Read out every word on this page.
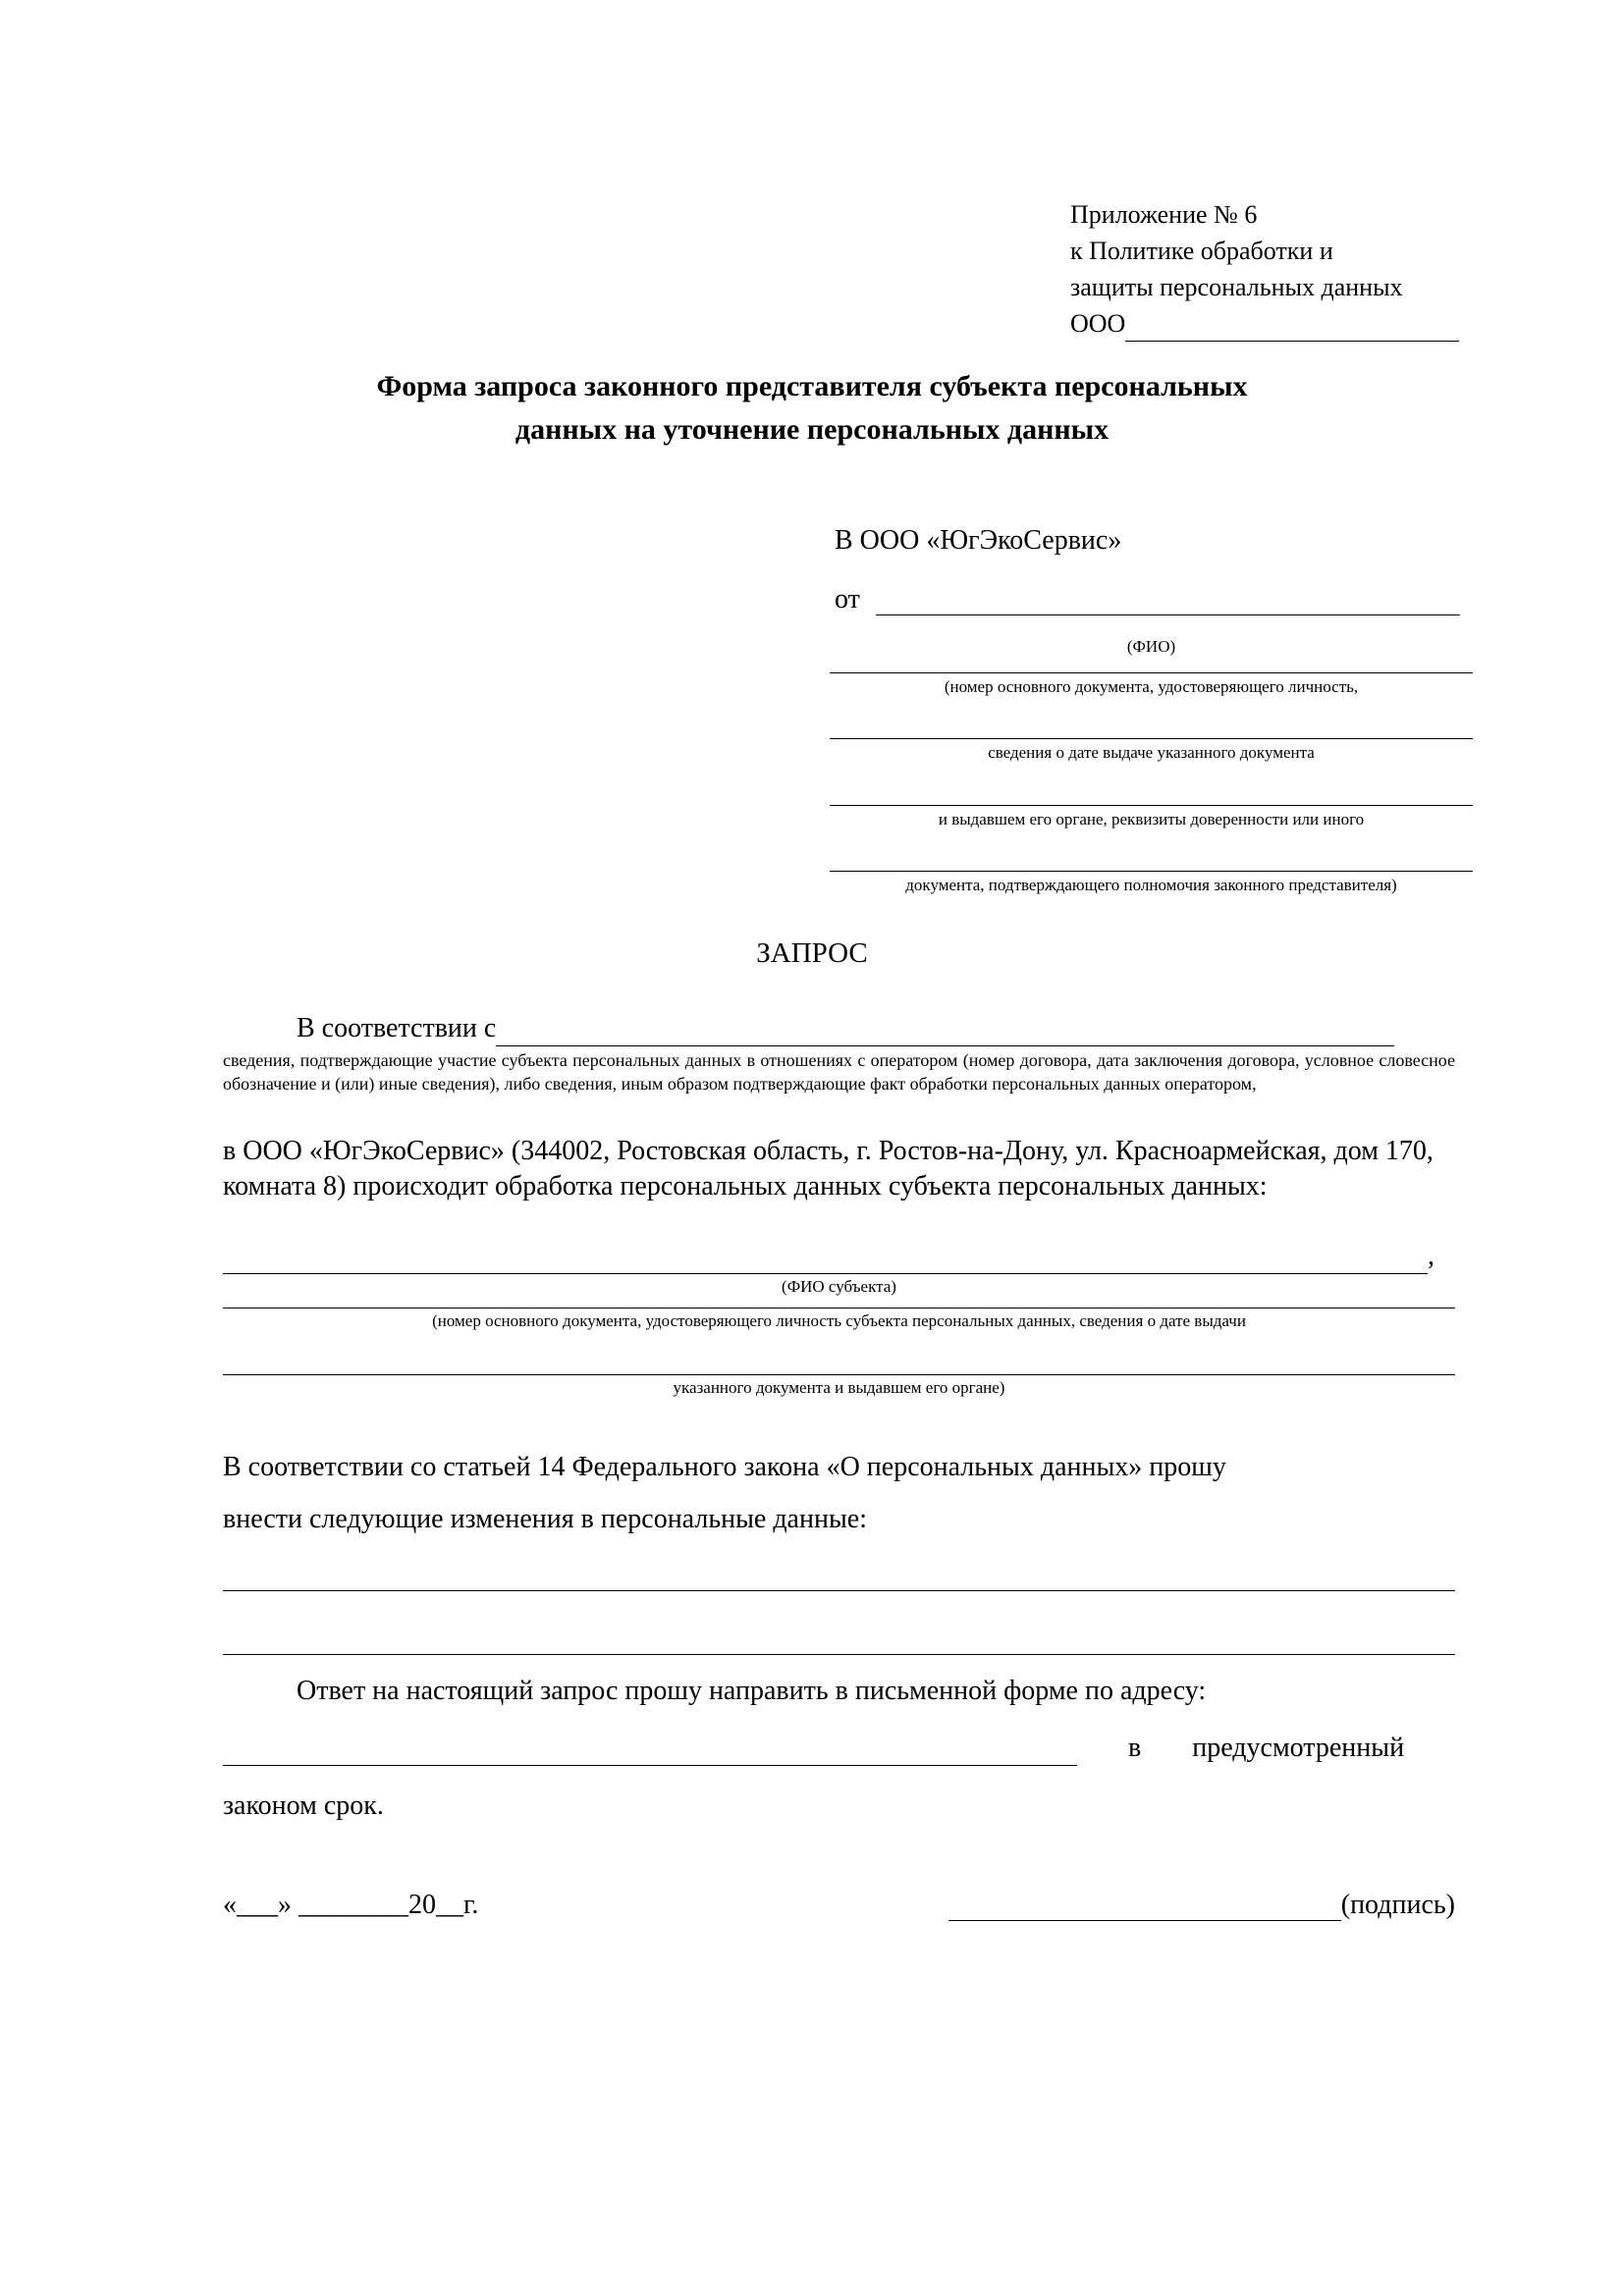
Приложение № 6
к Политике обработки и
защиты персональных данных
ООО
Форма запроса законного представителя субъекта персональных
данных на уточнение персональных данных
В ООО «ЮгЭкоСервис»
от
(ФИО)
(номер основного документа, удостоверяющего личность,
сведения о дате выдаче указанного документа
и выдавшем его органе, реквизиты доверенности или иного
документа, подтверждающего полномочия законного представителя)
ЗАПРОС
В соответствии с
сведения, подтверждающие участие субъекта персональных данных в отношениях с оператором (номер договора, дата заключения договора, условное словесное обозначение и (или) иные сведения), либо сведения, иным образом подтверждающие факт обработки персональных данных оператором,
в ООО «ЮгЭкоСервис» (344002, Ростовская область, г. Ростов-на-Дону, ул. Красноармейская, дом 170, комната 8) происходит обработка персональных данных субъекта персональных данных:
,
(ФИО субъекта)
(номер основного документа, удостоверяющего личность субъекта персональных данных, сведения о дате выдачи
указанного документа и выдавшем его органе)
В соответствии со статьей 14 Федерального закона «О персональных данных» прошу
внести следующие изменения в персональные данные:
Ответ на настоящий запрос прошу направить в письменной форме по адресу:
в предусмотренный
законом срок.
«___» ________20__г.	(подпись)
